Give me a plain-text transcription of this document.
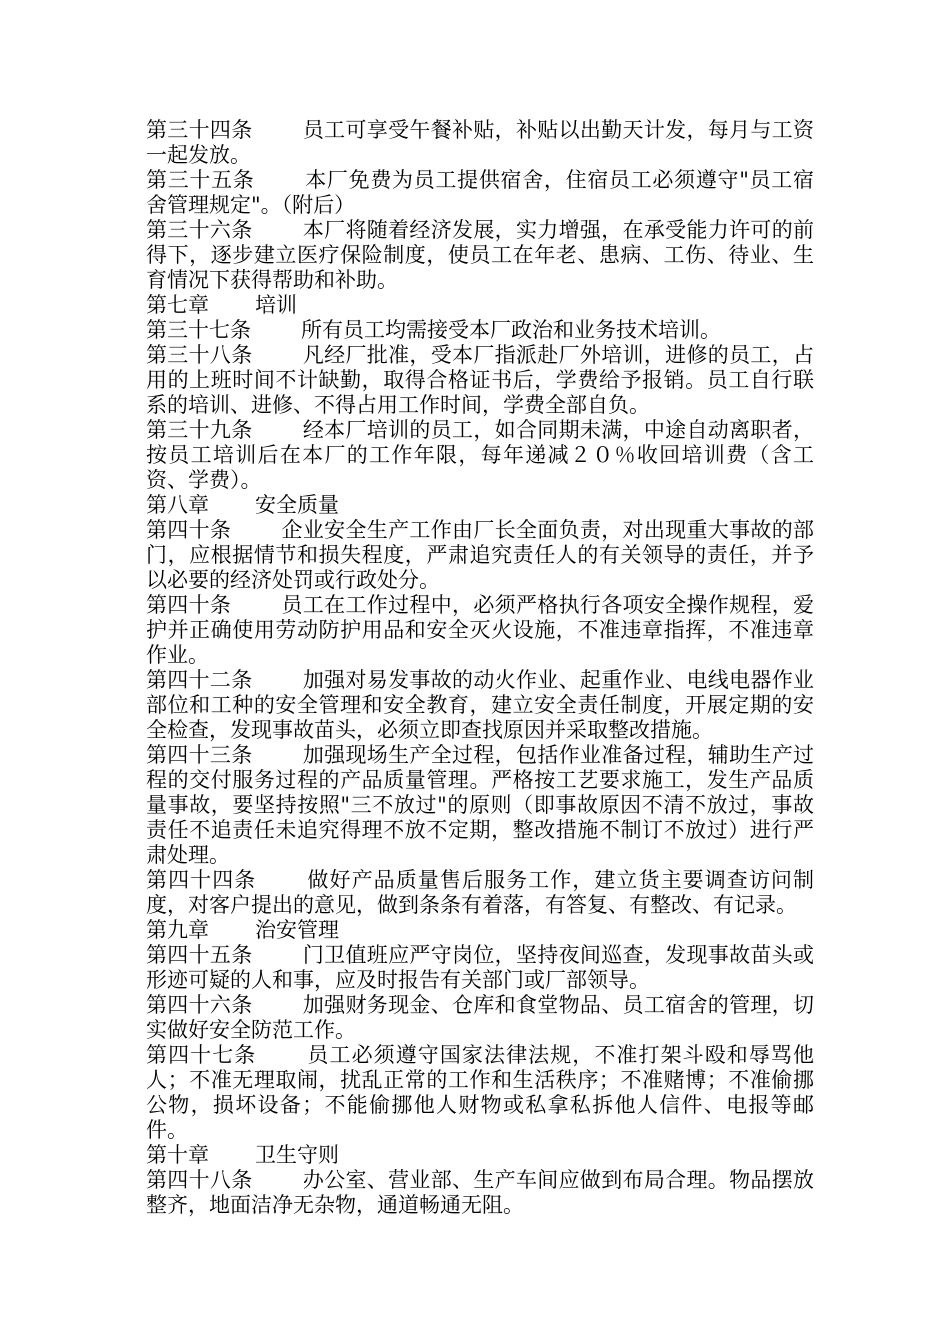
第三十四条 员工可享受午餐补贴，补贴以出勤天计发，每月与工资一起发放。

第三十五条 本厂免费为员工提供宿舍，住宿员工必须遵守"员工宿舍管理规定"。（附后）

第三十六条 本厂将随着经济发展，实力增强，在承受能力许可的前得下，逐步建立医疗保险制度，使员工在年老、患病、工伤、待业、生育情况下获得帮助和补助。

第七章 培训

第三十七条 所有员工均需接受本厂政治和业务技术培训。

第三十八条 凡经厂批准，受本厂指派赴厂外培训，进修的员工，占用的上班时间不计缺勤，取得合格证书后，学费给予报销。员工自行联系的培训、进修、不得占用工作时间，学费全部自负。

第三十九条 经本厂培训的员工，如合同期未满，中途自动离职者，按员工培训后在本厂的工作年限，每年递减２０％收回培训费（含工资、学费）。

第八章 安全质量

第四十条 企业安全生产工作由厂长全面负责，对出现重大事故的部门，应根据情节和损失程度，严肃追究责任人的有关领导的责任，并予以必要的经济处罚或行政处分。

第四十条 员工在工作过程中，必须严格执行各项安全操作规程，爱护并正确使用劳动防护用品和安全灭火设施，不准违章指挥，不准违章作业。

第四十二条 加强对易发事故的动火作业、起重作业、电线电器作业部位和工种的安全管理和安全教育，建立安全责任制度，开展定期的安全检查，发现事故苗头，必须立即查找原因并采取整改措施。

第四十三条 加强现场生产全过程，包括作业准备过程，辅助生产过程的交付服务过程的产品质量管理。严格按工艺要求施工，发生产品质量事故，要坚持按照"三不放过"的原则（即事故原因不清不放过，事故责任不追责任未追究得理不放不定期，整改措施不制订不放过）进行严肃处理。

第四十四条 做好产品质量售后服务工作，建立货主要调查访问制度，对客户提出的意见，做到条条有着落，有答复、有整改、有记录。

第九章 治安管理

第四十五条 门卫值班应严守岗位，坚持夜间巡查，发现事故苗头或形迹可疑的人和事，应及时报告有关部门或厂部领导。

第四十六条 加强财务现金、仓库和食堂物品、员工宿舍的管理，切实做好安全防范工作。

第四十七条 员工必须遵守国家法律法规，不准打架斗殴和辱骂他人；不准无理取闹，扰乱正常的工作和生活秩序；不准赌博；不准偷挪公物，损坏设备；不能偷挪他人财物或私拿私拆他人信件、电报等邮件。

第十章 卫生守则

第四十八条 办公室、营业部、生产车间应做到布局合理。物品摆放整齐，地面洁净无杂物，通道畅通无阻。
